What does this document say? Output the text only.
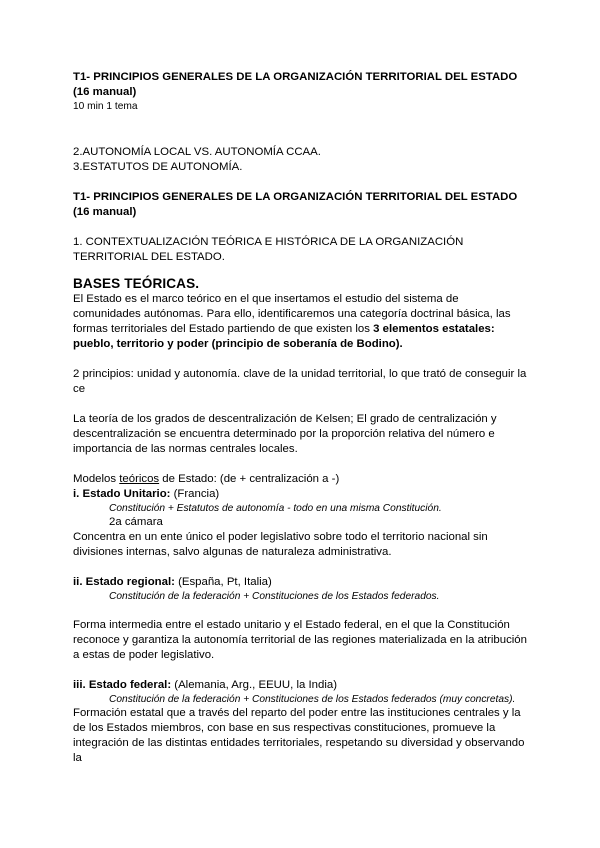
T1- PRINCIPIOS GENERALES DE LA ORGANIZACIÓN TERRITORIAL DEL ESTADO (16 manual)

10 min 1 tema

2.AUTONOMÍA LOCAL VS. AUTONOMÍA CCAA.

3.ESTATUTOS DE AUTONOMÍA.

T1- PRINCIPIOS GENERALES DE LA ORGANIZACIÓN TERRITORIAL DEL ESTADO (16 manual)

1. CONTEXTUALIZACIÓN TEÓRICA E HISTÓRICA DE LA ORGANIZACIÓN TERRITORIAL DEL ESTADO.

BASES TEÓRICAS.

El Estado es el marco teórico en el que insertamos el estudio del sistema de comunidades autónomas. Para ello, identificaremos una categoría doctrinal básica, las formas territoriales del Estado partiendo de que existen los 3 elementos estatales: pueblo, territorio y poder (principio de soberanía de Bodino).

2 principios: unidad y autonomía. clave de la unidad territorial, lo que trató de conseguir la ce

La teoría de los grados de descentralización de Kelsen; El grado de centralización y descentralización se encuentra determinado por la proporción relativa del número e importancia de las normas centrales locales.

Modelos teóricos de Estado: (de + centralización a -)

i. Estado Unitario: (Francia)

Constitución + Estatutos de autonomía - todo en una misma Constitución.

2a cámara

Concentra en un ente único el poder legislativo sobre todo el territorio nacional sin divisiones internas, salvo algunas de naturaleza administrativa.

ii. Estado regional: (España, Pt, Italia)

Constitución de la federación + Constituciones de los Estados federados.

Forma intermedia entre el estado unitario y el Estado federal, en el que la Constitución reconoce y garantiza la autonomía territorial de las regiones materializada en la atribución a estas de poder legislativo.

iii. Estado federal: (Alemania, Arg., EEUU, la India)

Constitución de la federación + Constituciones de los Estados federados (muy concretas).

Formación estatal que a través del reparto del poder entre las instituciones centrales y la de los Estados miembros, con base en sus respectivas constituciones, promueve la integración de las distintas entidades territoriales, respetando su diversidad y observando la
